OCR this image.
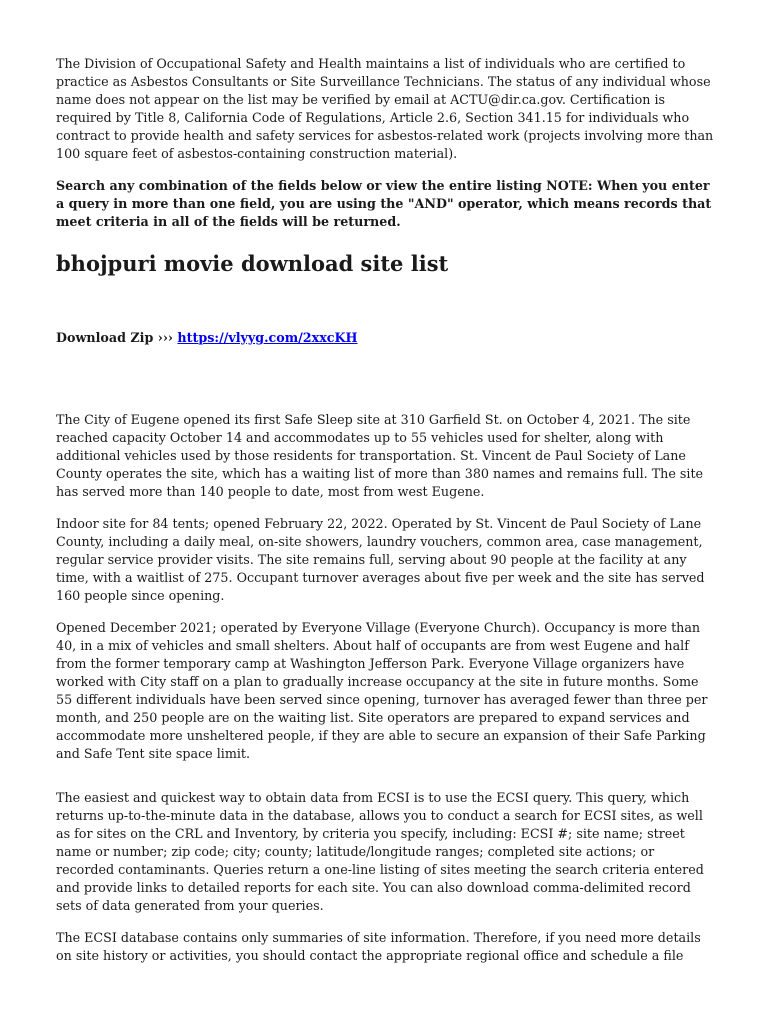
The Division of Occupational Safety and Health maintains a list of individuals who are certified to practice as Asbestos Consultants or Site Surveillance Technicians. The status of any individual whose name does not appear on the list may be verified by email at ACTU@dir.ca.gov. Certification is required by Title 8, California Code of Regulations, Article 2.6, Section 341.15 for individuals who contract to provide health and safety services for asbestos-related work (projects involving more than 100 square feet of asbestos-containing construction material).

Search any combination of the fields below or view the entire listing NOTE: When you enter a query in more than one field, you are using the "AND" operator, which means records that meet criteria in all of the fields will be returned.

bhojpuri movie download site list

Download Zip ››› https://vlyyg.com/2xxcKH

The City of Eugene opened its first Safe Sleep site at 310 Garfield St. on October 4, 2021. The site reached capacity October 14 and accommodates up to 55 vehicles used for shelter, along with additional vehicles used by those residents for transportation. St. Vincent de Paul Society of Lane County operates the site, which has a waiting list of more than 380 names and remains full. The site has served more than 140 people to date, most from west Eugene.

Indoor site for 84 tents; opened February 22, 2022. Operated by St. Vincent de Paul Society of Lane County, including a daily meal, on-site showers, laundry vouchers, common area, case management, regular service provider visits. The site remains full, serving about 90 people at the facility at any time, with a waitlist of 275. Occupant turnover averages about five per week and the site has served 160 people since opening.

Opened December 2021; operated by Everyone Village (Everyone Church). Occupancy is more than 40, in a mix of vehicles and small shelters. About half of occupants are from west Eugene and half from the former temporary camp at Washington Jefferson Park. Everyone Village organizers have worked with City staff on a plan to gradually increase occupancy at the site in future months. Some 55 different individuals have been served since opening, turnover has averaged fewer than three per month, and 250 people are on the waiting list. Site operators are prepared to expand services and accommodate more unsheltered people, if they are able to secure an expansion of their Safe Parking and Safe Tent site space limit.

The easiest and quickest way to obtain data from ECSI is to use the ECSI query. This query, which returns up-to-the-minute data in the database, allows you to conduct a search for ECSI sites, as well as for sites on the CRL and Inventory, by criteria you specify, including: ECSI #; site name; street name or number; zip code; city; county; latitude/longitude ranges; completed site actions; or recorded contaminants. Queries return a one-line listing of sites meeting the search criteria entered and provide links to detailed reports for each site. You can also download comma-delimited record sets of data generated from your queries.

The ECSI database contains only summaries of site information. Therefore, if you need more details on site history or activities, you should contact the appropriate regional office and schedule a file
